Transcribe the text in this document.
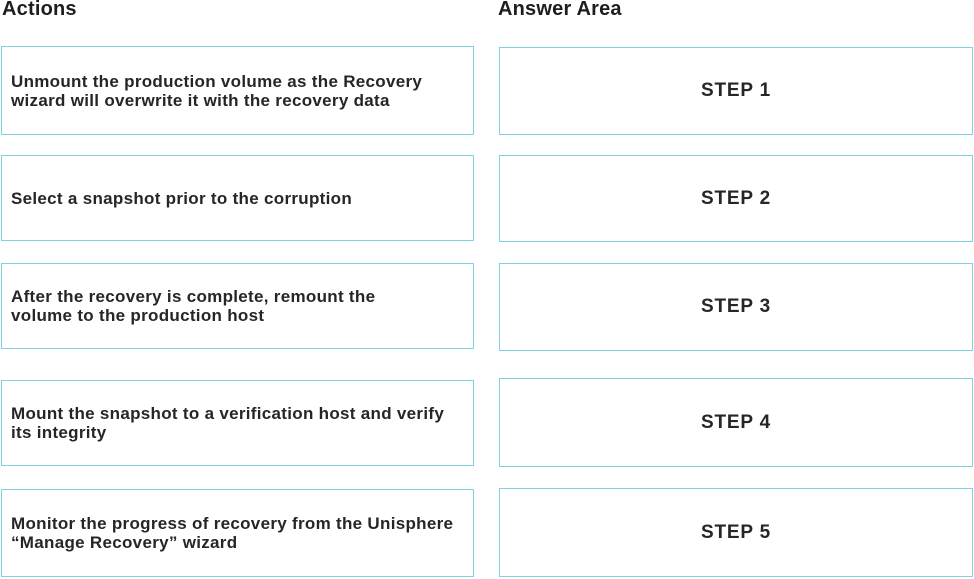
Actions	Answer Area
Unmount the production volume as the Recovery wizard will overwrite it with the recovery data
Select a snapshot prior to the corruption
After the recovery is complete, remount the volume to the production host
Mount the snapshot to a verification host and verify its integrity
Monitor the progress of recovery from the Unisphere “Manage Recovery” wizard
STEP 1
STEP 2
STEP 3
STEP 4
STEP 5
